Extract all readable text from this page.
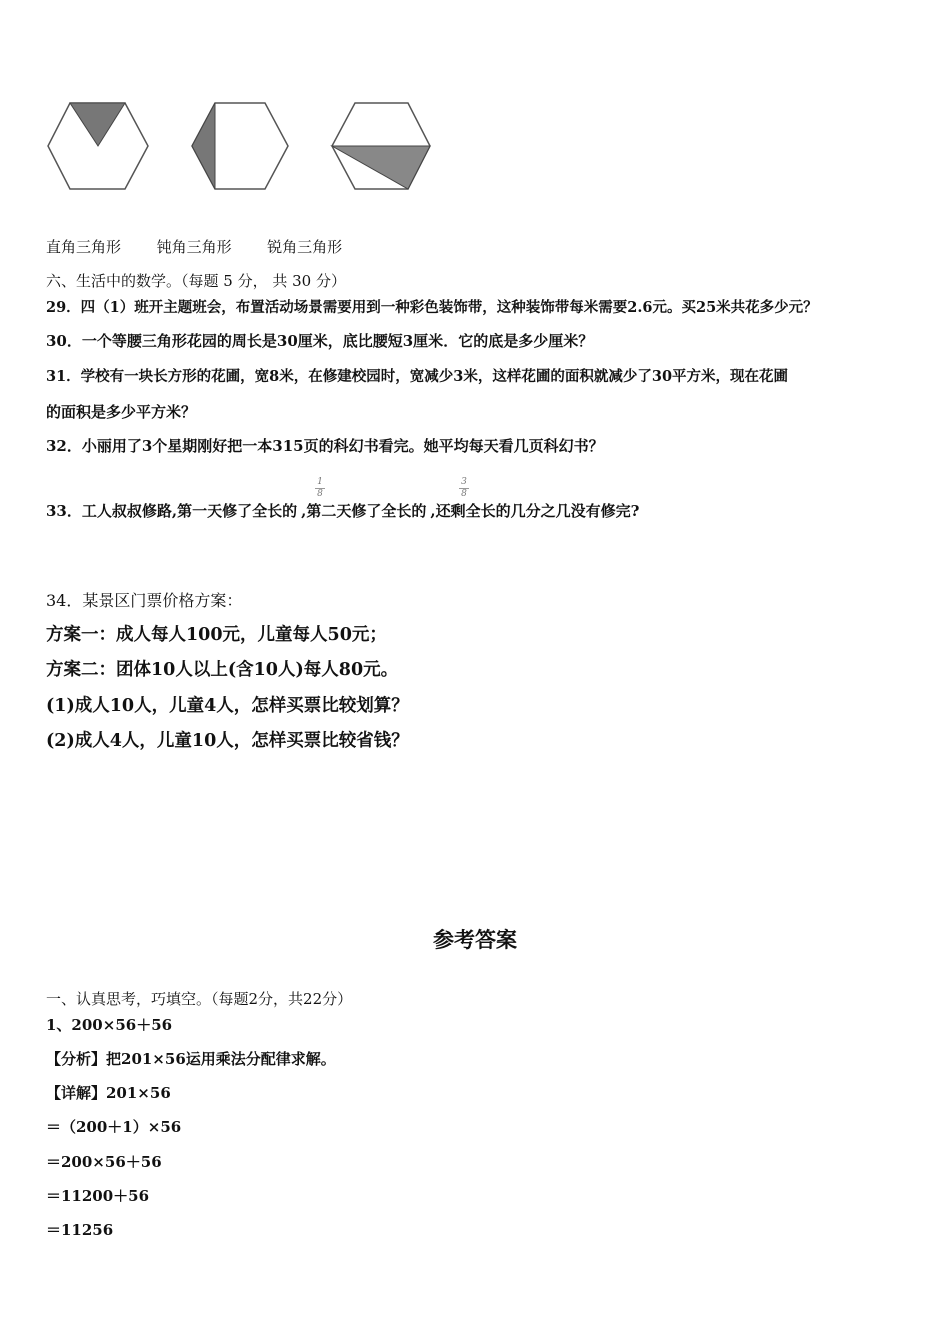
直角三角形 钝角三角形 锐角三角形
六、生活中的数学。（每题 5 分， 共 30 分）
29．四（1）班开主题班会，布置活动场景需要用到一种彩色装饰带，这种装饰带每米需要2.6元。买25米共花多少元？
30．一个等腰三角形花园的周长是30厘米，底比腰短3厘米．它的底是多少厘米？
31．学校有一块长方形的花圃，宽8米，在修建校园时，宽减少3米，这样花圃的面积就减少了30平方米，现在花圃
的面积是多少平方米？
32．小丽用了3个星期刚好把一本315页的科幻书看完。她平均每天看几页科幻书？
33．工人叔叔修路,第一天修了全长的 ,第二天修了全长的 ,还剩全长的几分之几没有修完?
1
8
3
8
34．某景区门票价格方案：
方案一：成人每人100元，儿童每人50元；
方案二：团体10人以上(含10人)每人80元。
(1)成人10人，儿童4人，怎样买票比较划算？
(2)成人4人，儿童10人，怎样买票比较省钱？
参考答案
一、认真思考，巧填空。（每题2分，共22分）
1、200×56＋56
【分析】把201×56运用乘法分配律求解。
【详解】201×56
＝（200＋1）×56
＝200×56＋56
＝11200＋56
＝11256
